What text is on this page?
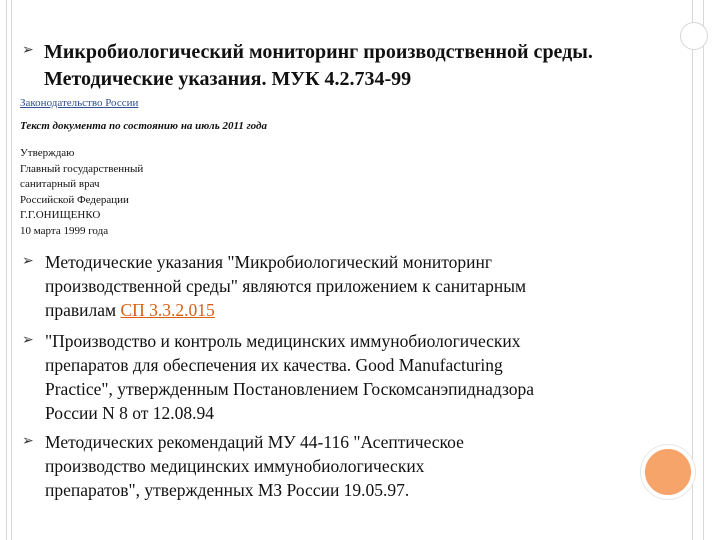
➢ Микробиологический мониторинг производственной среды.
Методические указания. МУК 4.2.734-99
Законодательство России
Текст документа по состоянию на июль 2011 года
Утверждаю
Главный государственный
санитарный врач
Российской Федерации
Г.Г.ОНИЩЕНКО
10 марта 1999 года
➢ Методические указания "Микробиологический мониторинг
производственной среды" являются приложением к санитарным
правилам СП 3.3.2.015
➢ "Производство и контроль медицинских иммунобиологических
препаратов для обеспечения их качества. Good Manufacturing
Practice", утвержденным Постановлением Госкомсанэпиднадзора
России N 8 от 12.08.94
➢ Методических рекомендаций МУ 44-116 "Асептическое
производство медицинских иммунобиологических
препаратов", утвержденных МЗ России 19.05.97.
